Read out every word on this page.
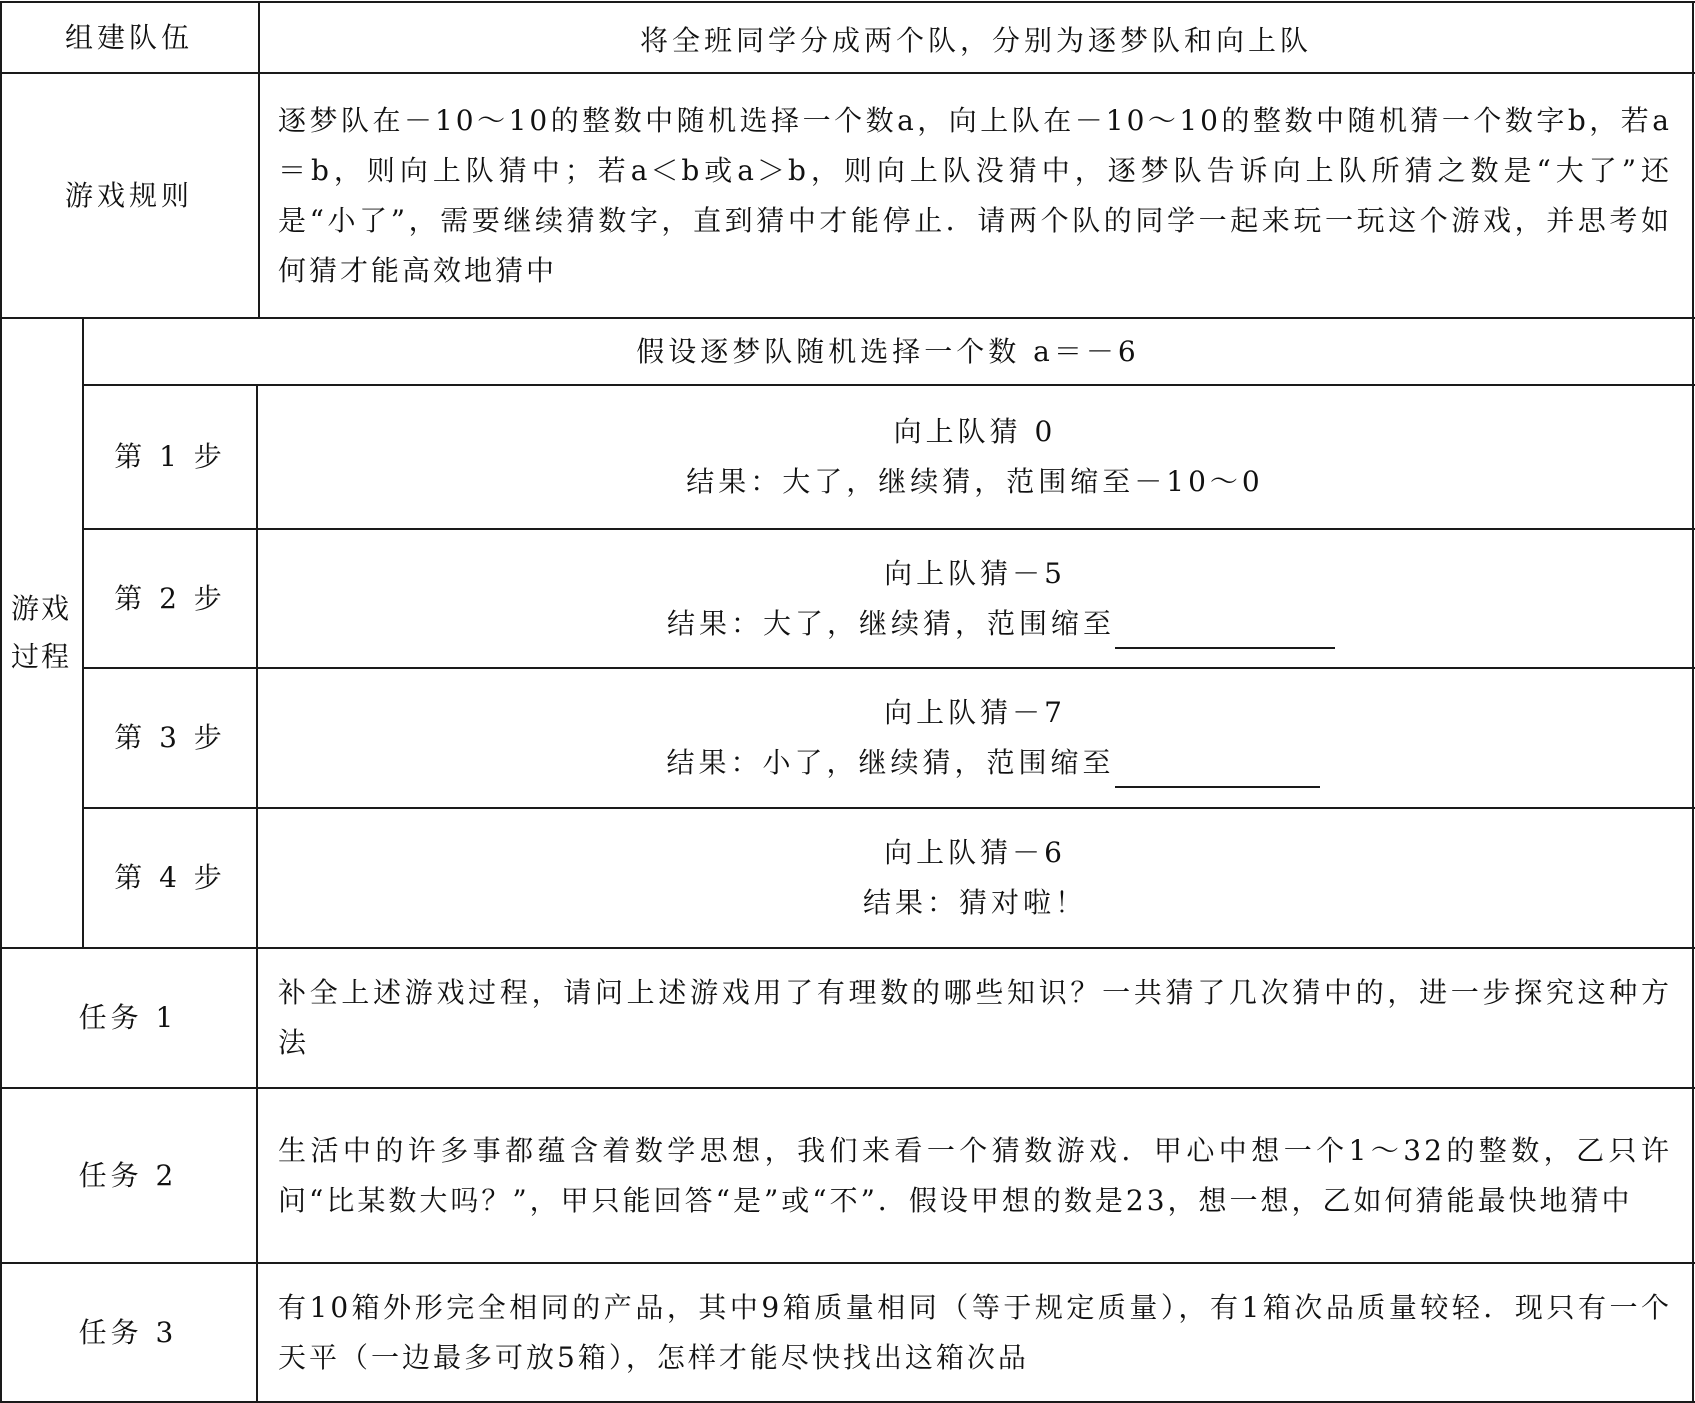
组建队伍	将全班同学分成两个队，分别为逐梦队和向上队
游戏规则
逐梦队在－10～10的整数中随机选择一个数a，向上队在－10～10的整数中随机猜一个数字b，若a＝b，则向上队猜中；若a＜b或a＞b，则向上队没猜中，逐梦队告诉向上队所猜之数是“大了”还是“小了”，需要继续猜数字，直到猜中才能停止．请两个队的同学一起来玩一玩这个游戏，并思考如何猜才能高效地猜中
游戏
过程
假设逐梦队随机选择一个数 a＝－6
第 1 步
向上队猜 0
结果：大了，继续猜，范围缩至－10～0
第 2 步
向上队猜－5
结果：大了，继续猜，范围缩至
第 3 步
向上队猜－7
结果：小了，继续猜，范围缩至
第 4 步
向上队猜－6
结果：猜对啦！
任务 1
补全上述游戏过程，请问上述游戏用了有理数的哪些知识？一共猜了几次猜中的，进一步探究这种方法
任务 2
生活中的许多事都蕴含着数学思想，我们来看一个猜数游戏．甲心中想一个1～32的整数，乙只许问“比某数大吗？”，甲只能回答“是”或“不”．假设甲想的数是23，想一想，乙如何猜能最快地猜中
任务 3
有10箱外形完全相同的产品，其中9箱质量相同（等于规定质量），有1箱次品质量较轻．现只有一个天平（一边最多可放5箱），怎样才能尽快找出这箱次品
